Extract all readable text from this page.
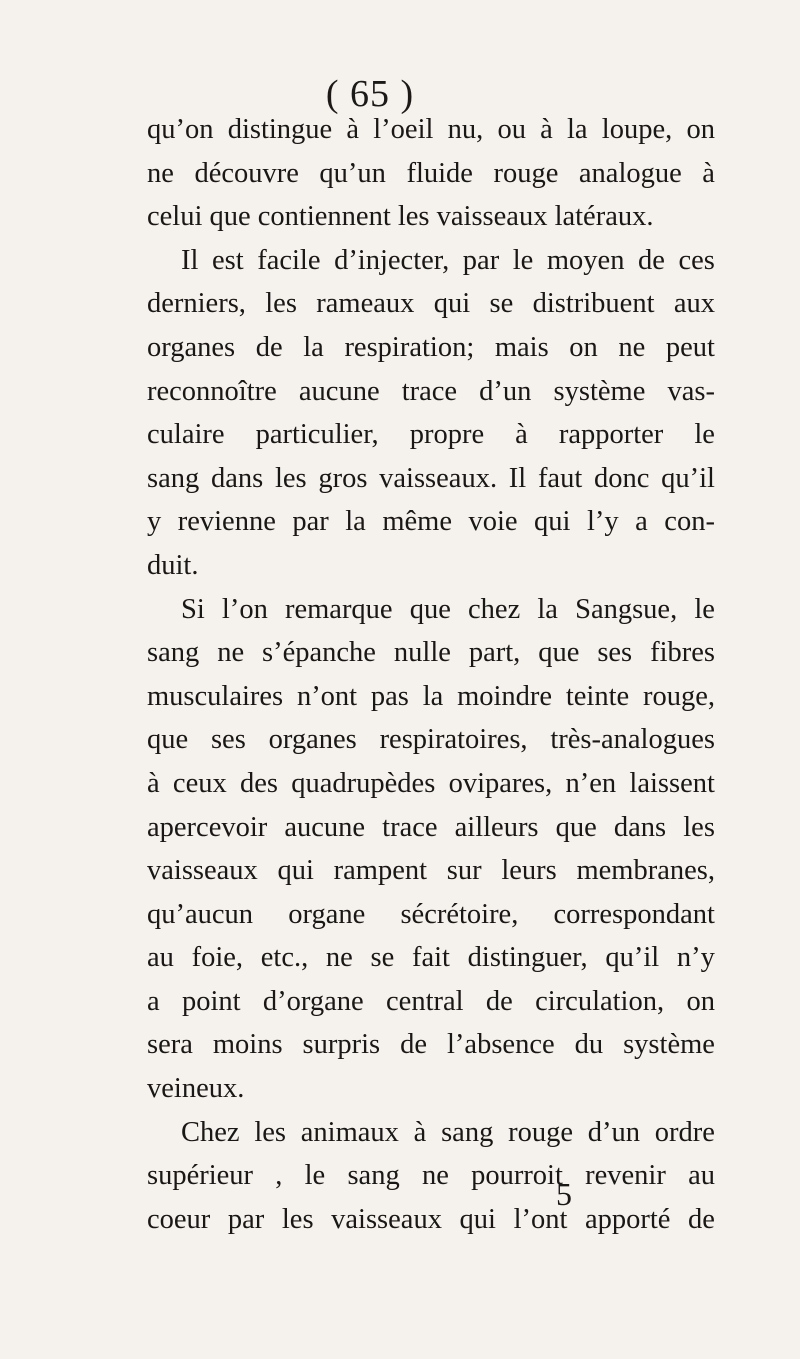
( 65 )
qu’on distingue à l’oeil nu, ou à la loupe, on
ne découvre qu’un fluide rouge analogue à
celui que contiennent les vaisseaux latéraux.
Il est facile d’injecter, par le moyen de ces
derniers, les rameaux qui se distribuent aux
organes de la respiration; mais on ne peut
reconnoître aucune trace d’un système vas-
culaire particulier, propre à rapporter le
sang dans les gros vaisseaux. Il faut donc qu’il
y revienne par la même voie qui l’y a con-
duit.
Si l’on remarque que chez la Sangsue, le
sang ne s’épanche nulle part, que ses fibres
musculaires n’ont pas la moindre teinte rouge,
que ses organes respiratoires, très-analogues
à ceux des quadrupèdes ovipares, n’en laissent
apercevoir aucune trace ailleurs que dans les
vaisseaux qui rampent sur leurs membranes,
qu’aucun organe sécrétoire, correspondant
au foie, etc., ne se fait distinguer, qu’il n’y
a point d’organe central de circulation, on
sera moins surpris de l’absence du système
veineux.
Chez les animaux à sang rouge d’un ordre
supérieur , le sang ne pourroit revenir au
coeur par les vaisseaux qui l’ont apporté de
5
